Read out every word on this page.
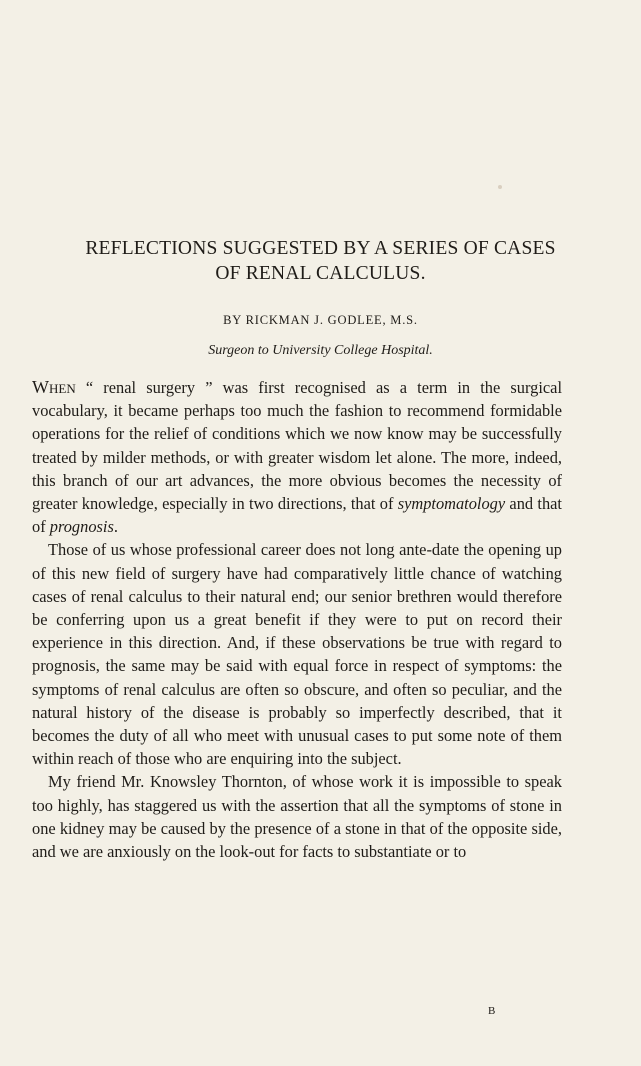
REFLECTIONS SUGGESTED BY A SERIES OF CASES
OF RENAL CALCULUS.
BY RICKMAN J. GODLEE, M.S.
Surgeon to University College Hospital.

When “ renal surgery ” was first recognised as a term in the surgical vocabulary, it became perhaps too much the fashion to recommend formidable operations for the relief of conditions which we now know may be successfully treated by milder methods, or with greater wisdom let alone. The more, indeed, this branch of our art advances, the more obvious becomes the necessity of greater knowledge, especially in two directions, that of symptomatology and that of prognosis.

Those of us whose professional career does not long ante-date the opening up of this new field of surgery have had comparatively little chance of watching cases of renal calculus to their natural end; our senior brethren would therefore be conferring upon us a great benefit if they were to put on record their experience in this direction. And, if these observations be true with regard to prognosis, the same may be said with equal force in respect of symptoms: the symptoms of renal calculus are often so obscure, and often so peculiar, and the natural history of the disease is probably so imperfectly described, that it becomes the duty of all who meet with unusual cases to put some note of them within reach of those who are enquiring into the subject.

My friend Mr. Knowsley Thornton, of whose work it is impossible to speak too highly, has staggered us with the assertion that all the symptoms of stone in one kidney may be caused by the presence of a stone in that of the opposite side, and we are anxiously on the look-out for facts to substantiate or to

B
